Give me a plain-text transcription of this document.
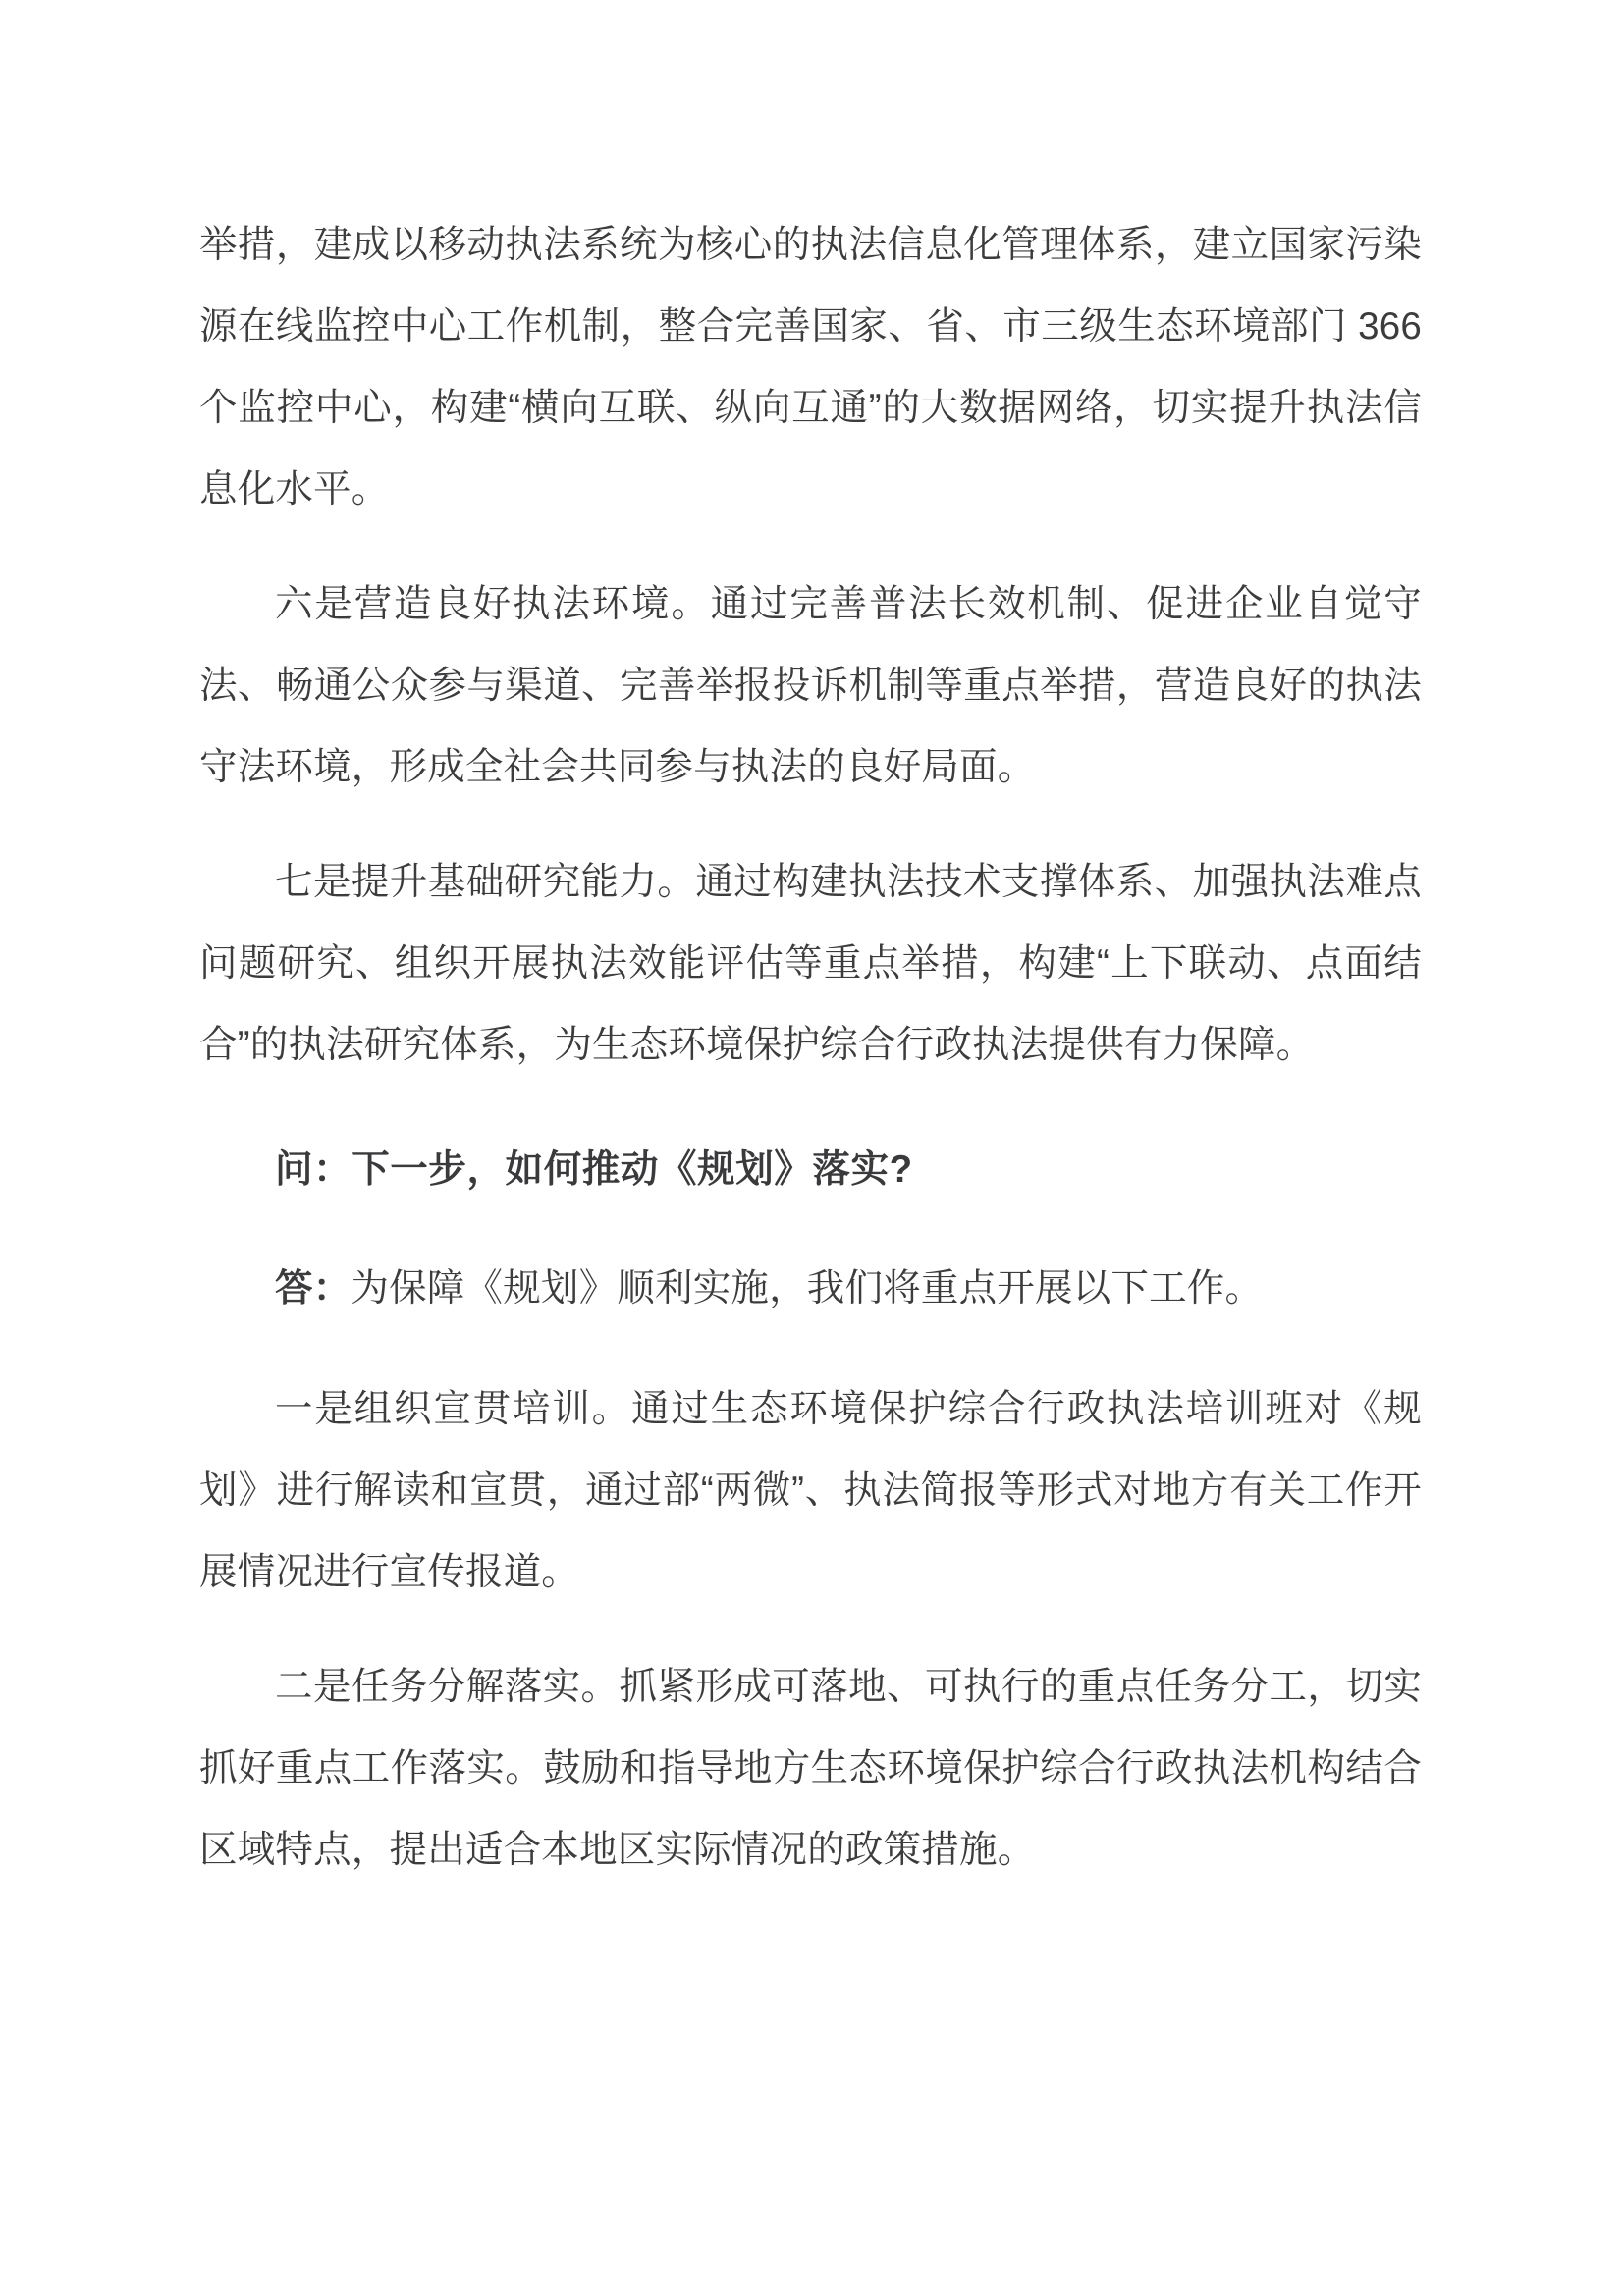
举措，建成以移动执法系统为核心的执法信息化管理体系，建立国家污染源在线监控中心工作机制，整合完善国家、省、市三级生态环境部门 366 个监控中心，构建“横向互联、纵向互通”的大数据网络，切实提升执法信息化水平。

六是营造良好执法环境。通过完善普法长效机制、促进企业自觉守法、畅通公众参与渠道、完善举报投诉机制等重点举措，营造良好的执法守法环境，形成全社会共同参与执法的良好局面。

七是提升基础研究能力。通过构建执法技术支撑体系、加强执法难点问题研究、组织开展执法效能评估等重点举措，构建“上下联动、点面结合”的执法研究体系，为生态环境保护综合行政执法提供有力保障。

问：下一步，如何推动《规划》落实?

答：为保障《规划》顺利实施，我们将重点开展以下工作。

一是组织宣贯培训。通过生态环境保护综合行政执法培训班对《规划》进行解读和宣贯，通过部“两微”、执法简报等形式对地方有关工作开展情况进行宣传报道。

二是任务分解落实。抓紧形成可落地、可执行的重点任务分工，切实抓好重点工作落实。鼓励和指导地方生态环境保护综合行政执法机构结合区域特点，提出适合本地区实际情况的政策措施。
